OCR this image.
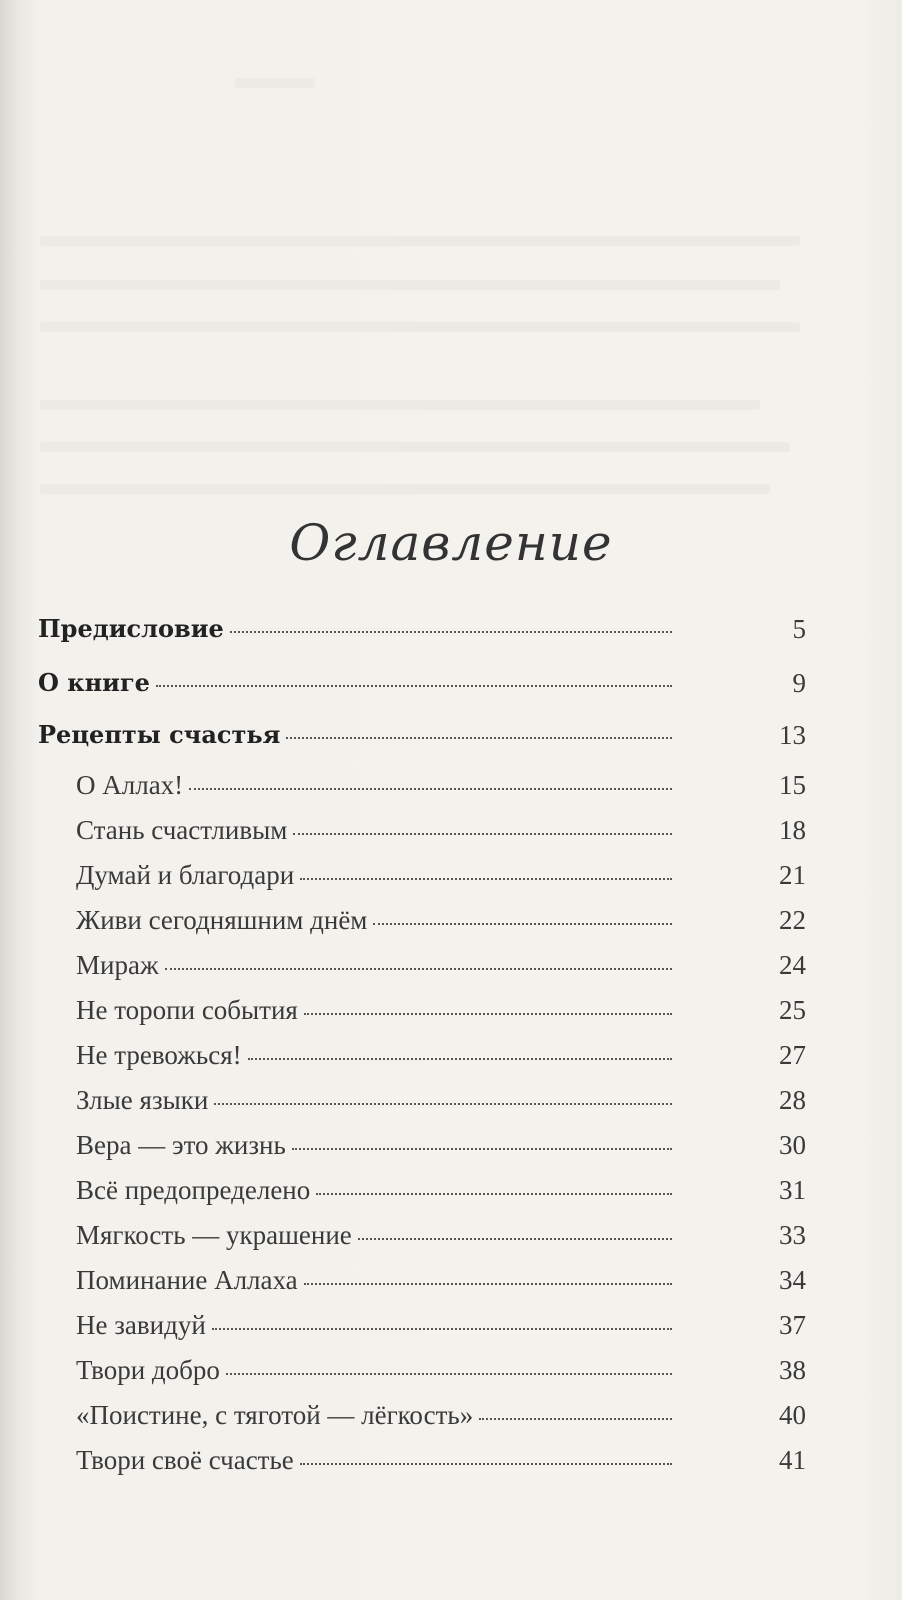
Оглавление
Предисловие	5
О книге	9
Рецепты счастья	13
О Аллах!	15
Стань счастливым	18
Думай и благодари	21
Живи сегодняшним днём	22
Мираж	24
Не торопи события	25
Не тревожься!	27
Злые языки	28
Вера — это жизнь	30
Всё предопределено	31
Мягкость — украшение	33
Поминание Аллаха	34
Не завидуй	37
Твори добро	38
«Поистине, с тяготой — лёгкость»	40
Твори своё счастье	41
